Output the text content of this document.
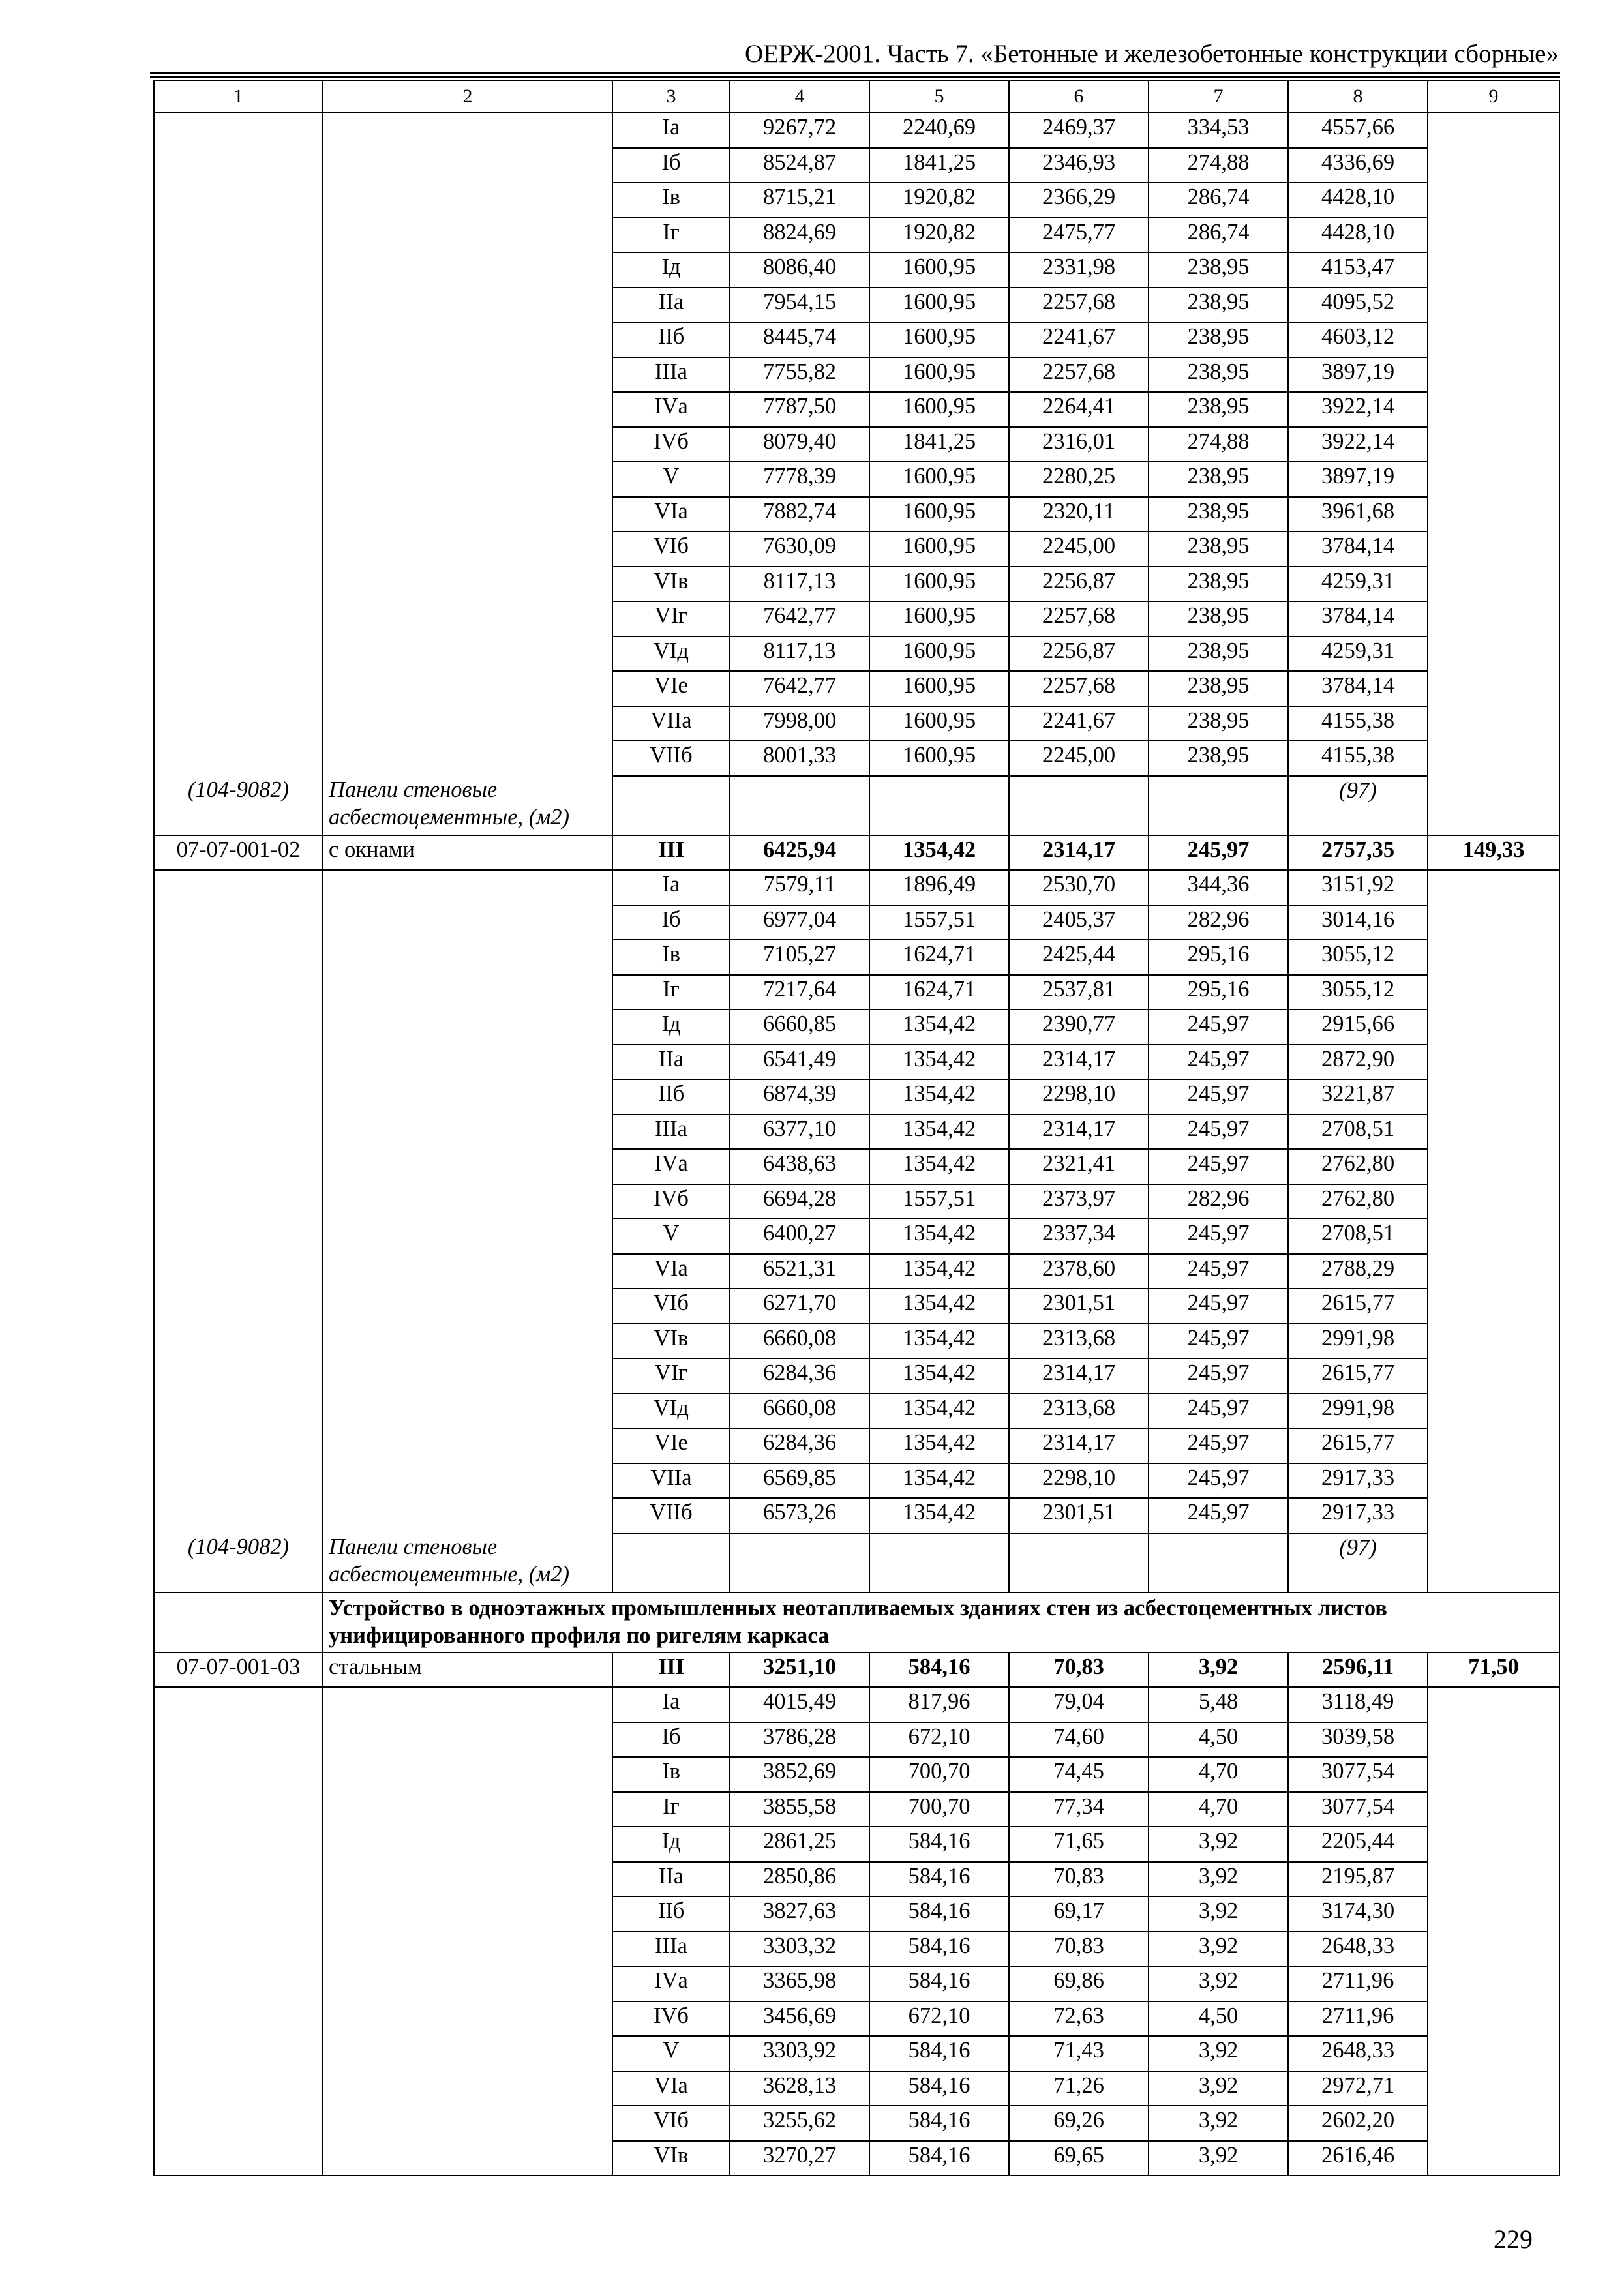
ОЕРЖ-2001. Часть 7. «Бетонные и железобетонные конструкции сборные»
1	2	3	4	5	6	7	8	9
		Iа	9267,72	2240,69	2469,37	334,53	4557,66	
		Iб	8524,87	1841,25	2346,93	274,88	4336,69	
		Iв	8715,21	1920,82	2366,29	286,74	4428,10	
		Iг	8824,69	1920,82	2475,77	286,74	4428,10	
		Iд	8086,40	1600,95	2331,98	238,95	4153,47	
		IIа	7954,15	1600,95	2257,68	238,95	4095,52	
		IIб	8445,74	1600,95	2241,67	238,95	4603,12	
		IIIа	7755,82	1600,95	2257,68	238,95	3897,19	
		IVа	7787,50	1600,95	2264,41	238,95	3922,14	
		IVб	8079,40	1841,25	2316,01	274,88	3922,14	
		V	7778,39	1600,95	2280,25	238,95	3897,19	
		VIа	7882,74	1600,95	2320,11	238,95	3961,68	
		VIб	7630,09	1600,95	2245,00	238,95	3784,14	
		VIв	8117,13	1600,95	2256,87	238,95	4259,31	
		VIг	7642,77	1600,95	2257,68	238,95	3784,14	
		VIд	8117,13	1600,95	2256,87	238,95	4259,31	
		VIе	7642,77	1600,95	2257,68	238,95	3784,14	
		VIIа	7998,00	1600,95	2241,67	238,95	4155,38	
		VIIб	8001,33	1600,95	2245,00	238,95	4155,38	
(104-9082)	Панели стеновые асбестоцементные, (м2)						(97)	
07-07-001-02	с окнами	III	6425,94	1354,42	2314,17	245,97	2757,35	149,33
		Iа	7579,11	1896,49	2530,70	344,36	3151,92	
		Iб	6977,04	1557,51	2405,37	282,96	3014,16	
		Iв	7105,27	1624,71	2425,44	295,16	3055,12	
		Iг	7217,64	1624,71	2537,81	295,16	3055,12	
		Iд	6660,85	1354,42	2390,77	245,97	2915,66	
		IIа	6541,49	1354,42	2314,17	245,97	2872,90	
		IIб	6874,39	1354,42	2298,10	245,97	3221,87	
		IIIа	6377,10	1354,42	2314,17	245,97	2708,51	
		IVа	6438,63	1354,42	2321,41	245,97	2762,80	
		IVб	6694,28	1557,51	2373,97	282,96	2762,80	
		V	6400,27	1354,42	2337,34	245,97	2708,51	
		VIа	6521,31	1354,42	2378,60	245,97	2788,29	
		VIб	6271,70	1354,42	2301,51	245,97	2615,77	
		VIв	6660,08	1354,42	2313,68	245,97	2991,98	
		VIг	6284,36	1354,42	2314,17	245,97	2615,77	
		VIд	6660,08	1354,42	2313,68	245,97	2991,98	
		VIе	6284,36	1354,42	2314,17	245,97	2615,77	
		VIIа	6569,85	1354,42	2298,10	245,97	2917,33	
		VIIб	6573,26	1354,42	2301,51	245,97	2917,33	
(104-9082)	Панели стеновые асбестоцементные, (м2)						(97)	
	Устройство в одноэтажных промышленных неотапливаемых зданиях стен из асбестоцементных листов унифицированного профиля по ригелям каркаса							
07-07-001-03	стальным	III	3251,10	584,16	70,83	3,92	2596,11	71,50
		Iа	4015,49	817,96	79,04	5,48	3118,49	
		Iб	3786,28	672,10	74,60	4,50	3039,58	
		Iв	3852,69	700,70	74,45	4,70	3077,54	
		Iг	3855,58	700,70	77,34	4,70	3077,54	
		Iд	2861,25	584,16	71,65	3,92	2205,44	
		IIа	2850,86	584,16	70,83	3,92	2195,87	
		IIб	3827,63	584,16	69,17	3,92	3174,30	
		IIIа	3303,32	584,16	70,83	3,92	2648,33	
		IVа	3365,98	584,16	69,86	3,92	2711,96	
		IVб	3456,69	672,10	72,63	4,50	2711,96	
		V	3303,92	584,16	71,43	3,92	2648,33	
		VIа	3628,13	584,16	71,26	3,92	2972,71	
		VIб	3255,62	584,16	69,26	3,92	2602,20	
		VIв	3270,27	584,16	69,65	3,92	2616,46	
229
